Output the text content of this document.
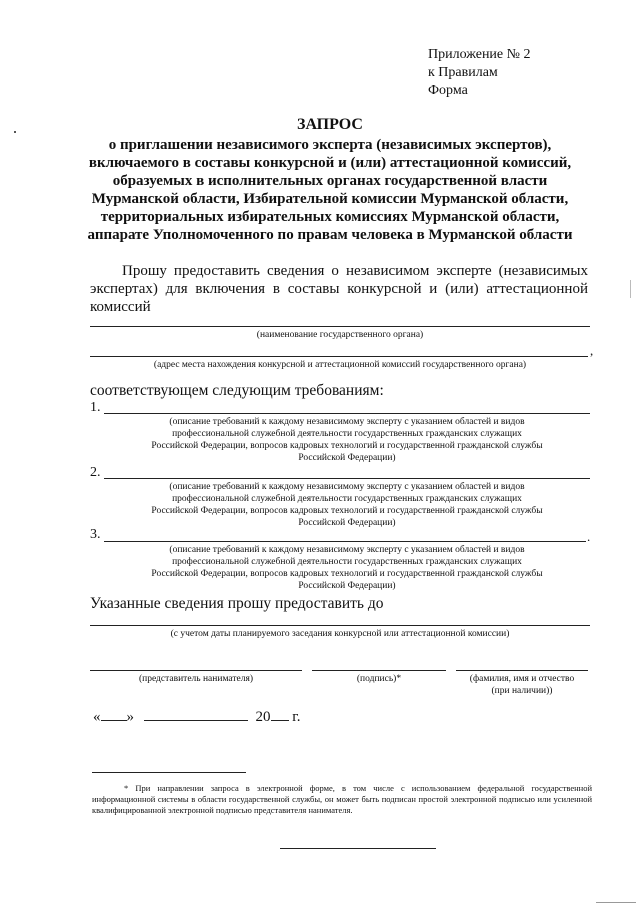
Приложение № 2
к Правилам
Форма
ЗАПРОС
о приглашении независимого эксперта (независимых экспертов),
включаемого в составы конкурсной и (или) аттестационной комиссий,
образуемых в исполнительных органах государственной власти
Мурманской области, Избирательной комиссии Мурманской области,
территориальных избирательных комиссиях Мурманской области,
аппарате Уполномоченного по правам человека в Мурманской области
Прошу предоставить сведения о независимом эксперте (независимых экспертах) для включения в составы конкурсной и (или) аттестационной комиссий
(наименование государственного органа)
,
(адрес места нахождения конкурсной и аттестационной комиссий государственного органа)
соответствующем следующим требованиям:
1.
(описание требований к каждому независимому эксперту с указанием областей и видов
профессиональной служебной деятельности государственных гражданских служащих
Российской Федерации, вопросов кадровых технологий и государственной гражданской службы
Российской Федерации)
2.
(описание требований к каждому независимому эксперту с указанием областей и видов
профессиональной служебной деятельности государственных гражданских служащих
Российской Федерации, вопросов кадровых технологий и государственной гражданской службы
Российской Федерации)
3.	.
(описание требований к каждому независимому эксперту с указанием областей и видов
профессиональной служебной деятельности государственных гражданских служащих
Российской Федерации, вопросов кадровых технологий и государственной гражданской службы
Российской Федерации)
Указанные сведения прошу предоставить до
(с учетом даты планируемого заседания конкурсной или аттестационной комиссии)
(представитель нанимателя)	(подпись)*	(фамилия, имя и отчество
(при наличии))
« »	20 г.
* При направлении запроса в электронной форме, в том числе с использованием федеральной государственной информационной системы в области государственной службы, он может быть подписан простой электронной подписью или усиленной квалифицированной электронной подписью представителя нанимателя.
